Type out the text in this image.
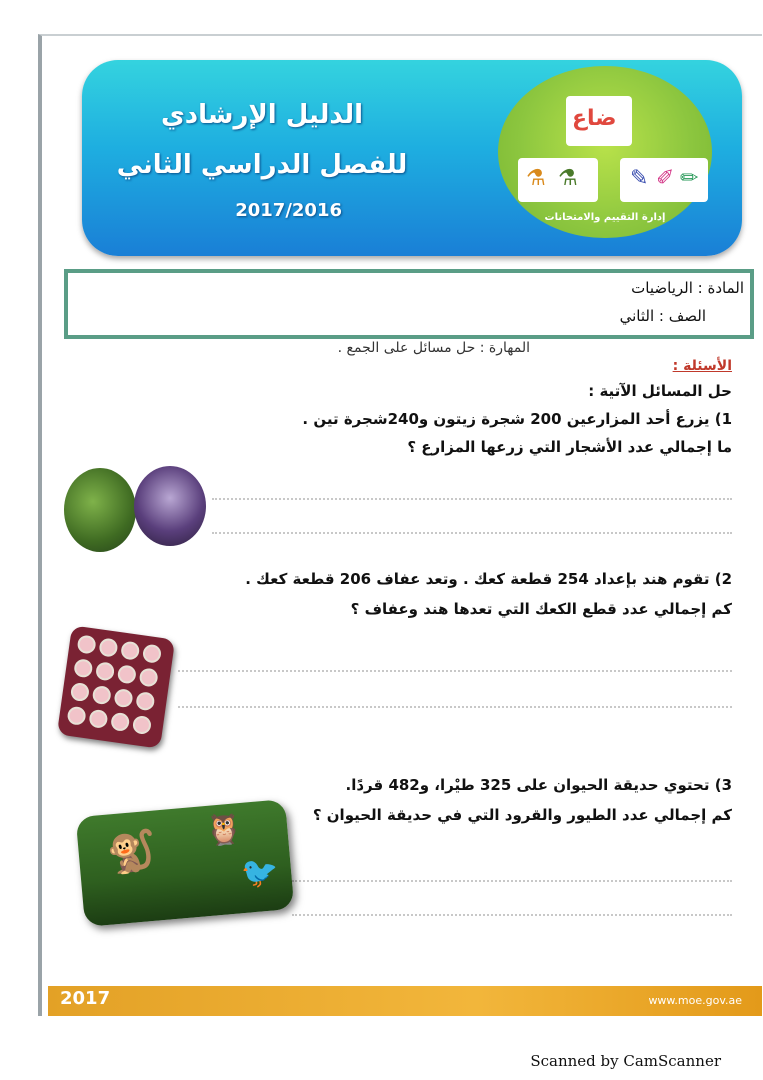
الدليل الإرشادي
للفصل الدراسي الثاني
2017/2016
ضاع
⚗ ⚗ ✎ ✐ ✏
إدارة التقييم والامتحانات
المادة : الرياضيات
الصف : الثاني
المهارة : حل مسائل على الجمع .
الأسئلة :
حل المسائل الآتية :
1) يزرع أحد المزارعين 200 شجرة زيتون و240شجرة تين .
ما إجمالي عدد الأشجار التي زرعها المزارع ؟
2) تقوم هند بإعداد 254 قطعة كعك . وتعد عفاف 206 قطعة كعك .
كم إجمالي عدد قطع الكعك التي تعدها هند وعفاف ؟
3) تحتوي حديقة الحيوان على 325 طيْرا، و482 قردًا.
كم إجمالي عدد الطيور والقرود التي في حديقة الحيوان ؟
🐒 🦉
🐦
2017	www.moe.gov.ae
Scanned by CamScanner
